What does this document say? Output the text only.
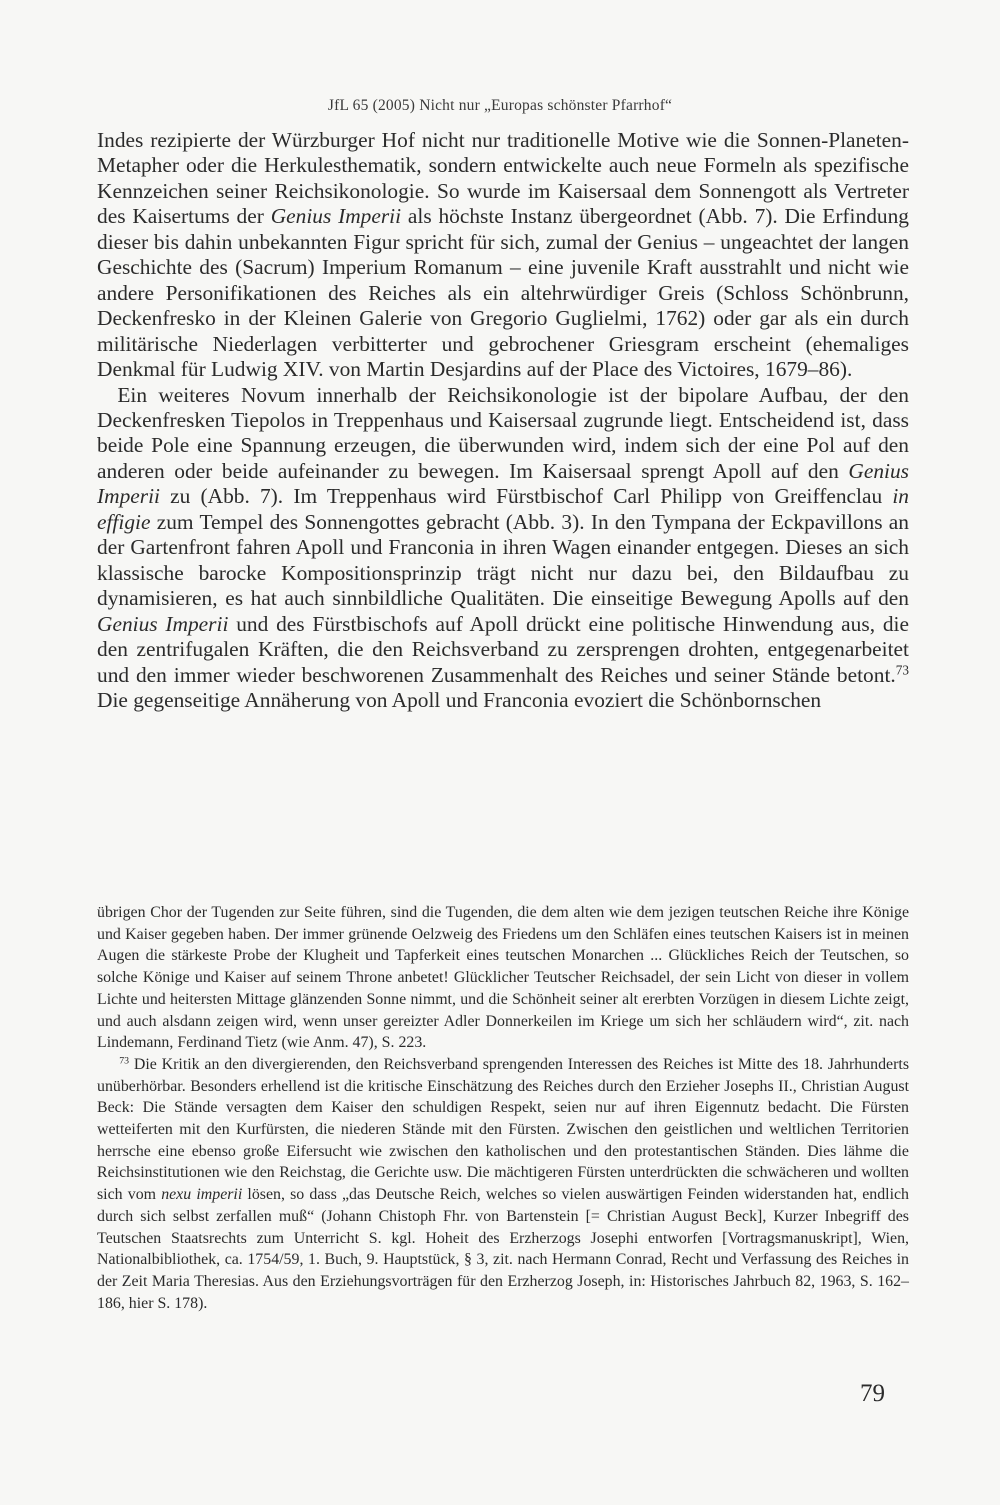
JfL 65 (2005) Nicht nur „Europas schönster Pfarrhof“

Indes rezipierte der Würzburger Hof nicht nur traditionelle Motive wie die Sonnen-Planeten-Metapher oder die Herkulesthematik, sondern entwickelte auch neue Formeln als spezifische Kennzeichen seiner Reichsikonologie. So wurde im Kaisersaal dem Sonnengott als Vertreter des Kaisertums der Genius Imperii als höchste Instanz übergeordnet (Abb. 7). Die Erfindung dieser bis dahin unbekannten Figur spricht für sich, zumal der Genius – ungeachtet der langen Geschichte des (Sacrum) Imperium Romanum – eine juvenile Kraft ausstrahlt und nicht wie andere Personifikationen des Reiches als ein altehrwürdiger Greis (Schloss Schönbrunn, Deckenfresko in der Kleinen Galerie von Gregorio Guglielmi, 1762) oder gar als ein durch militärische Niederlagen verbitterter und gebrochener Griesgram erscheint (ehemaliges Denkmal für Ludwig XIV. von Martin Desjardins auf der Place des Victoires, 1679–86).

Ein weiteres Novum innerhalb der Reichsikonologie ist der bipolare Aufbau, der den Deckenfresken Tiepolos in Treppenhaus und Kaisersaal zugrunde liegt. Entscheidend ist, dass beide Pole eine Spannung erzeugen, die überwunden wird, indem sich der eine Pol auf den anderen oder beide aufeinander zu bewegen. Im Kaisersaal sprengt Apoll auf den Genius Imperii zu (Abb. 7). Im Treppenhaus wird Fürstbischof Carl Philipp von Greiffenclau in effigie zum Tempel des Sonnengottes gebracht (Abb. 3). In den Tympana der Eckpavillons an der Gartenfront fahren Apoll und Franconia in ihren Wagen einander entgegen. Dieses an sich klassische barocke Kompositionsprinzip trägt nicht nur dazu bei, den Bildaufbau zu dynamisieren, es hat auch sinnbildliche Qualitäten. Die einseitige Bewegung Apolls auf den Genius Imperii und des Fürstbischofs auf Apoll drückt eine politische Hinwendung aus, die den zentrifugalen Kräften, die den Reichsverband zu zersprengen drohten, entgegenarbeitet und den immer wieder beschworenen Zusammenhalt des Reiches und seiner Stände betont.$^{73}$ Die gegenseitige Annäherung von Apoll und Franconia evoziert die Schönbornschen

übrigen Chor der Tugenden zur Seite führen, sind die Tugenden, die dem alten wie dem jezigen teutschen Reiche ihre Könige und Kaiser gegeben haben. Der immer grünende Oelzweig des Friedens um den Schläfen eines teutschen Kaisers ist in meinen Augen die stärkeste Probe der Klugheit und Tapferkeit eines teutschen Monarchen ... Glückliches Reich der Teutschen, so solche Könige und Kaiser auf seinem Throne anbetet! Glücklicher Teutscher Reichsadel, der sein Licht von dieser in vollem Lichte und heitersten Mittage glänzenden Sonne nimmt, und die Schönheit seiner alt ererbten Vorzügen in diesem Lichte zeigt, und auch alsdann zeigen wird, wenn unser gereizter Adler Donnerkeilen im Kriege um sich her schläudern wird“, zit. nach Lindemann, Ferdinand Tietz (wie Anm. 47), S. 223.

$^{73}$ Die Kritik an den divergierenden, den Reichsverband sprengenden Interessen des Reiches ist Mitte des 18. Jahrhunderts unüberhörbar. Besonders erhellend ist die kritische Einschätzung des Reiches durch den Erzieher Josephs II., Christian August Beck: Die Stände versagten dem Kaiser den schuldigen Respekt, seien nur auf ihren Eigennutz bedacht. Die Fürsten wetteiferten mit den Kurfürsten, die niederen Stände mit den Fürsten. Zwischen den geistlichen und weltlichen Territorien herrsche eine ebenso große Eifersucht wie zwischen den katholischen und den protestantischen Ständen. Dies lähme die Reichsinstitutionen wie den Reichstag, die Gerichte usw. Die mächtigeren Fürsten unterdrückten die schwächeren und wollten sich vom nexu imperii lösen, so dass „das Deutsche Reich, welches so vielen auswärtigen Feinden widerstanden hat, endlich durch sich selbst zerfallen muß“ (Johann Chistoph Fhr. von Bartenstein [= Christian August Beck], Kurzer Inbegriff des Teutschen Staatsrechts zum Unterricht S. kgl. Hoheit des Erzherzogs Josephi entworfen [Vortragsmanuskript], Wien, Nationalbibliothek, ca. 1754/59, 1. Buch, 9. Hauptstück, § 3, zit. nach Hermann Conrad, Recht und Verfassung des Reiches in der Zeit Maria Theresias. Aus den Erziehungsvorträgen für den Erzherzog Joseph, in: Historisches Jahrbuch 82, 1963, S. 162–186, hier S. 178).

79
